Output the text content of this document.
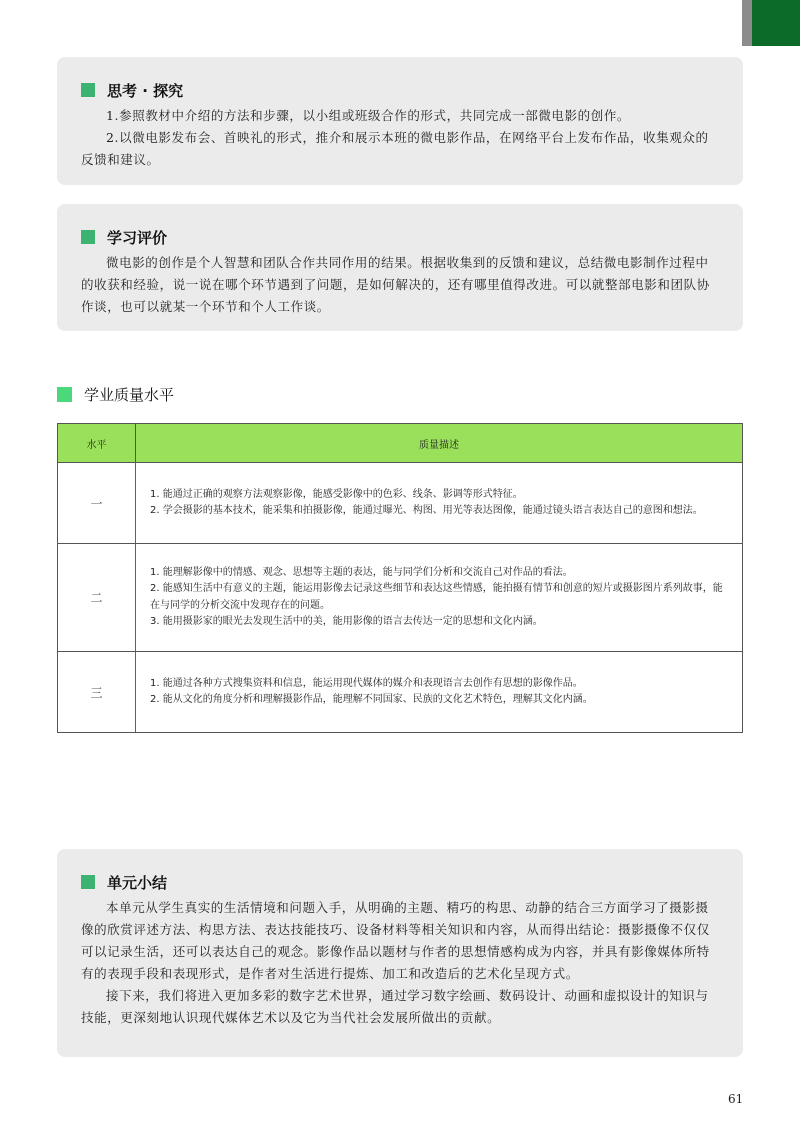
思考 · 探究

1.参照教材中介绍的方法和步骤，以小组或班级合作的形式，共同完成一部微电影的创作。

2.以微电影发布会、首映礼的形式，推介和展示本班的微电影作品，在网络平台上发布作品，收集观众的反馈和建议。

学习评价

微电影的创作是个人智慧和团队合作共同作用的结果。根据收集到的反馈和建议，总结微电影制作过程中的收获和经验，说一说在哪个环节遇到了问题，是如何解决的，还有哪里值得改进。可以就整部电影和团队协作谈，也可以就某一个环节和个人工作谈。

学业质量水平
水平	质量描述
一	1. 能通过正确的观察方法观察影像，能感受影像中的色彩、线条、影调等形式特征。
2. 学会摄影的基本技术，能采集和拍摄影像，能通过曝光、构图、用光等表达图像，能通过镜头语言表达自己的意图和想法。

二	1. 能理解影像中的情感、观念、思想等主题的表达，能与同学们分析和交流自己对作品的看法。
2. 能感知生活中有意义的主题，能运用影像去记录这些细节和表达这些情感，能拍摄有情节和创意的短片或摄影图片系列故事，能在与同学的分析交流中发现存在的问题。
3. 能用摄影家的眼光去发现生活中的美，能用影像的语言去传达一定的思想和文化内涵。

三	1. 能通过各种方式搜集资料和信息，能运用现代媒体的媒介和表现语言去创作有思想的影像作品。
2. 能从文化的角度分析和理解摄影作品，能理解不同国家、民族的文化艺术特色，理解其文化内涵。
单元小结

本单元从学生真实的生活情境和问题入手，从明确的主题、精巧的构思、动静的结合三方面学习了摄影摄像的欣赏评述方法、构思方法、表达技能技巧、设备材料等相关知识和内容，从而得出结论：摄影摄像不仅仅可以记录生活，还可以表达自己的观念。影像作品以题材与作者的思想情感构成为内容，并具有影像媒体所特有的表现手段和表现形式，是作者对生活进行提炼、加工和改造后的艺术化呈现方式。

接下来，我们将进入更加多彩的数字艺术世界，通过学习数字绘画、数码设计、动画和虚拟设计的知识与技能，更深刻地认识现代媒体艺术以及它为当代社会发展所做出的贡献。

61
